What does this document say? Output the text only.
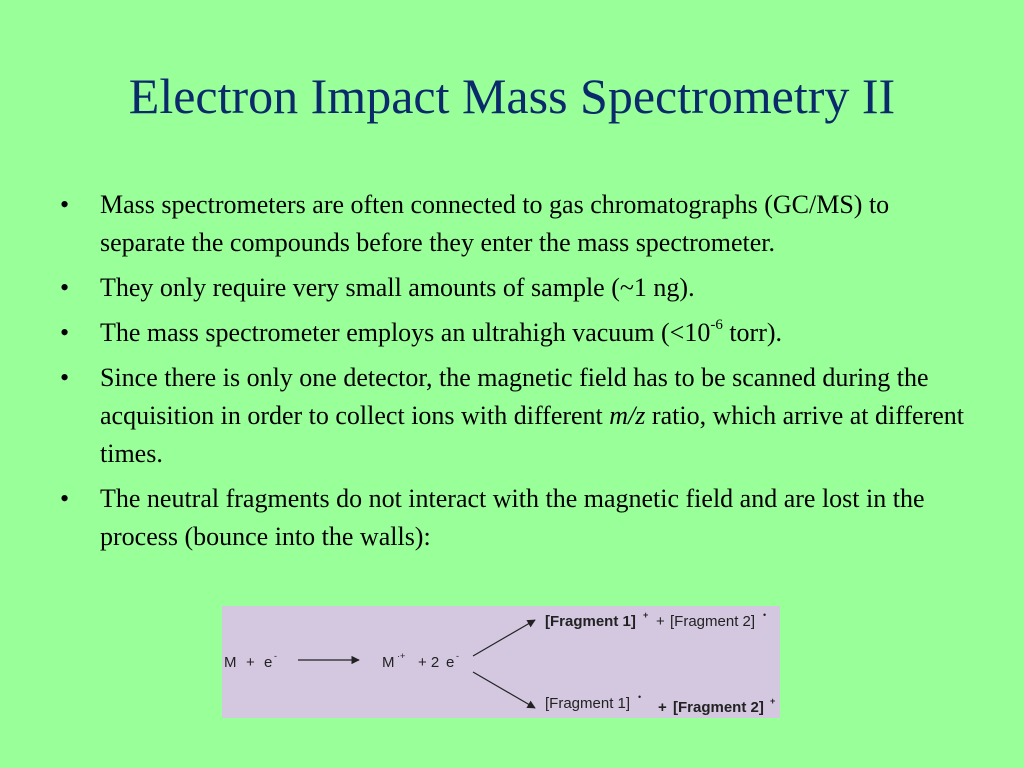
Electron Impact Mass Spectrometry II
•	Mass spectrometers are often connected to gas chromatographs (GC/MS) to separate the compounds before they enter the mass spectrometer.
•	They only require very small amounts of sample (~1 ng).
•	The mass spectrometer employs an ultrahigh vacuum ($<10^{-6}$ torr).
•	Since there is only one detector, the magnetic field has to be scanned during the acquisition in order to collect ions with different m/z ratio, which arrive at different times.
•	The neutral fragments do not interact with the magnetic field and are lost in the process (bounce into the walls):
M + e -	M ·+ + 2 e -
[Fragment 1] + + [Fragment 2] •
[Fragment 1] •
+ [Fragment 2] +
